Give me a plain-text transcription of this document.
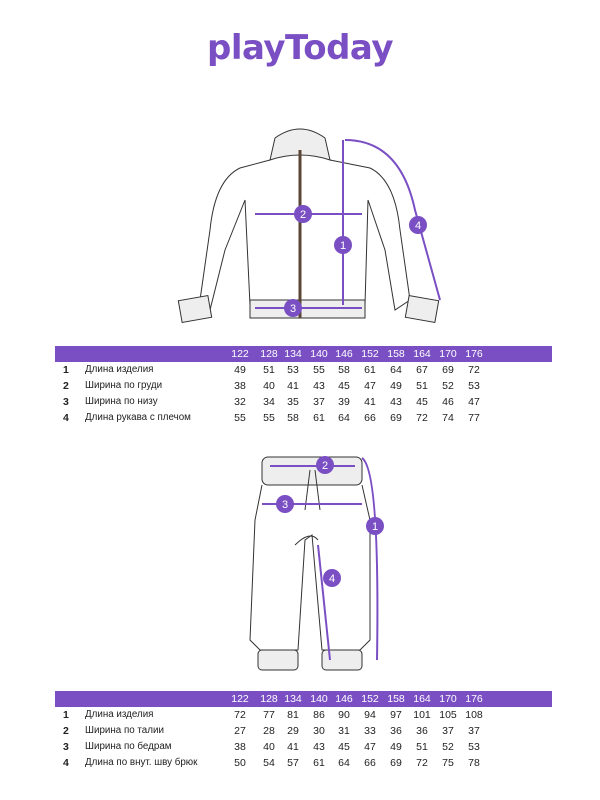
playToday
1
2
3
4
1
2
3
4
122	128 134 140 146 152 158 164 170 176
1 Длина изделия	49	51	53	55	58	61	64	67	69	72
2 Ширина по груди	38	40	41	43	45	47	49	51	52	53
3 Ширина по низу	32	34	35	37	39	41	43	45	46	47
4 Длина рукава с плечом	55	55	58	61	64	66	69	72	74	77
122	128 134 140 146 152 158 164 170 176
1 Длина изделия	72	77	81	86	90	94	97	101 105 108
2 Ширина по талии	27	28	29	30	31	33	36	36	37	37
3 Ширина по бедрам	38	40	41	43	45	47	49	51	52	53
4 Длина по внут. шву брюк	50	54	57	61	64	66	69	72	75	78
